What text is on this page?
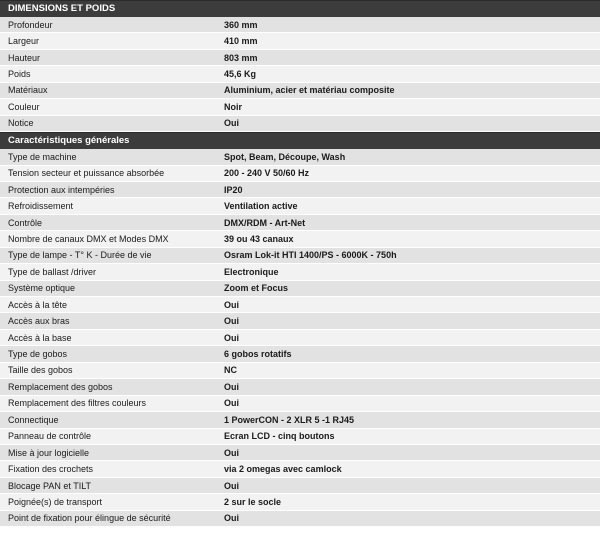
DIMENSIONS ET POIDS
Profondeur	360 mm
Largeur	410 mm
Hauteur	803 mm
Poids	45,6 Kg
Matériaux	Aluminium, acier et matériau composite
Couleur	Noir
Notice	Oui
Caractéristiques générales
Type de machine	Spot, Beam, Découpe, Wash
Tension secteur et puissance absorbée	200 - 240 V 50/60 Hz
Protection aux intempéries	IP20
Refroidissement	Ventilation active
Contrôle	DMX/RDM - Art-Net
Nombre de canaux DMX et Modes DMX	39 ou 43 canaux
Type de lampe - T° K - Durée de vie	Osram Lok-it HTI 1400/PS - 6000K - 750h
Type de ballast /driver	Electronique
Système optique	Zoom et Focus
Accès à la tête	Oui
Accès aux bras	Oui
Accès à la base	Oui
Type de gobos	6 gobos rotatifs
Taille des gobos	NC
Remplacement des gobos	Oui
Remplacement des filtres couleurs	Oui
Connectique	1 PowerCON - 2 XLR 5 -1 RJ45
Panneau de contrôle	Ecran LCD - cinq boutons
Mise à jour logicielle	Oui
Fixation des crochets	via 2 omegas avec camlock
Blocage PAN et TILT	Oui
Poignée(s) de transport	2 sur le socle
Point de fixation pour élingue de sécurité	Oui
